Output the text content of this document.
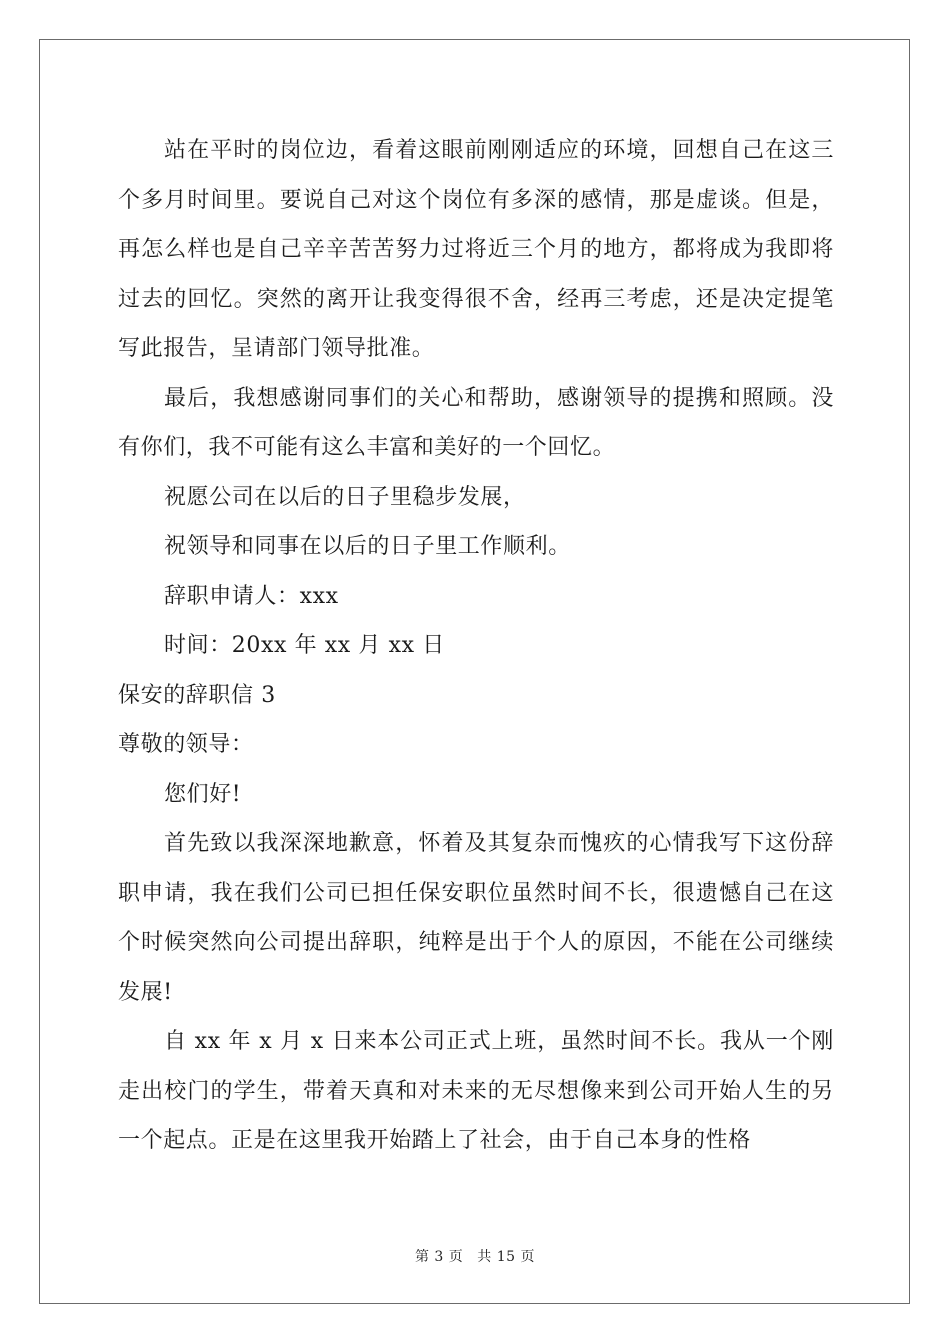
站在平时的岗位边，看着这眼前刚刚适应的环境，回想自己在这三个多月时间里。要说自己对这个岗位有多深的感情，那是虚谈。但是，再怎么样也是自己辛辛苦苦努力过将近三个月的地方，都将成为我即将过去的回忆。突然的离开让我变得很不舍，经再三考虑，还是决定提笔写此报告，呈请部门领导批准。

最后，我想感谢同事们的关心和帮助，感谢领导的提携和照顾。没有你们，我不可能有这么丰富和美好的一个回忆。

祝愿公司在以后的日子里稳步发展，

祝领导和同事在以后的日子里工作顺利。

辞职申请人：xxx

时间：20xx 年 xx 月 xx 日

保安的辞职信 3

尊敬的领导：

您们好!

首先致以我深深地歉意，怀着及其复杂而愧疚的心情我写下这份辞职申请，我在我们公司已担任保安职位虽然时间不长，很遗憾自己在这个时候突然向公司提出辞职，纯粹是出于个人的原因，不能在公司继续发展!

自 xx 年 x 月 x 日来本公司正式上班，虽然时间不长。我从一个刚走出校门的学生，带着天真和对未来的无尽想像来到公司开始人生的另一个起点。正是在这里我开始踏上了社会，由于自己本身的性格

第 3 页 共 15 页
